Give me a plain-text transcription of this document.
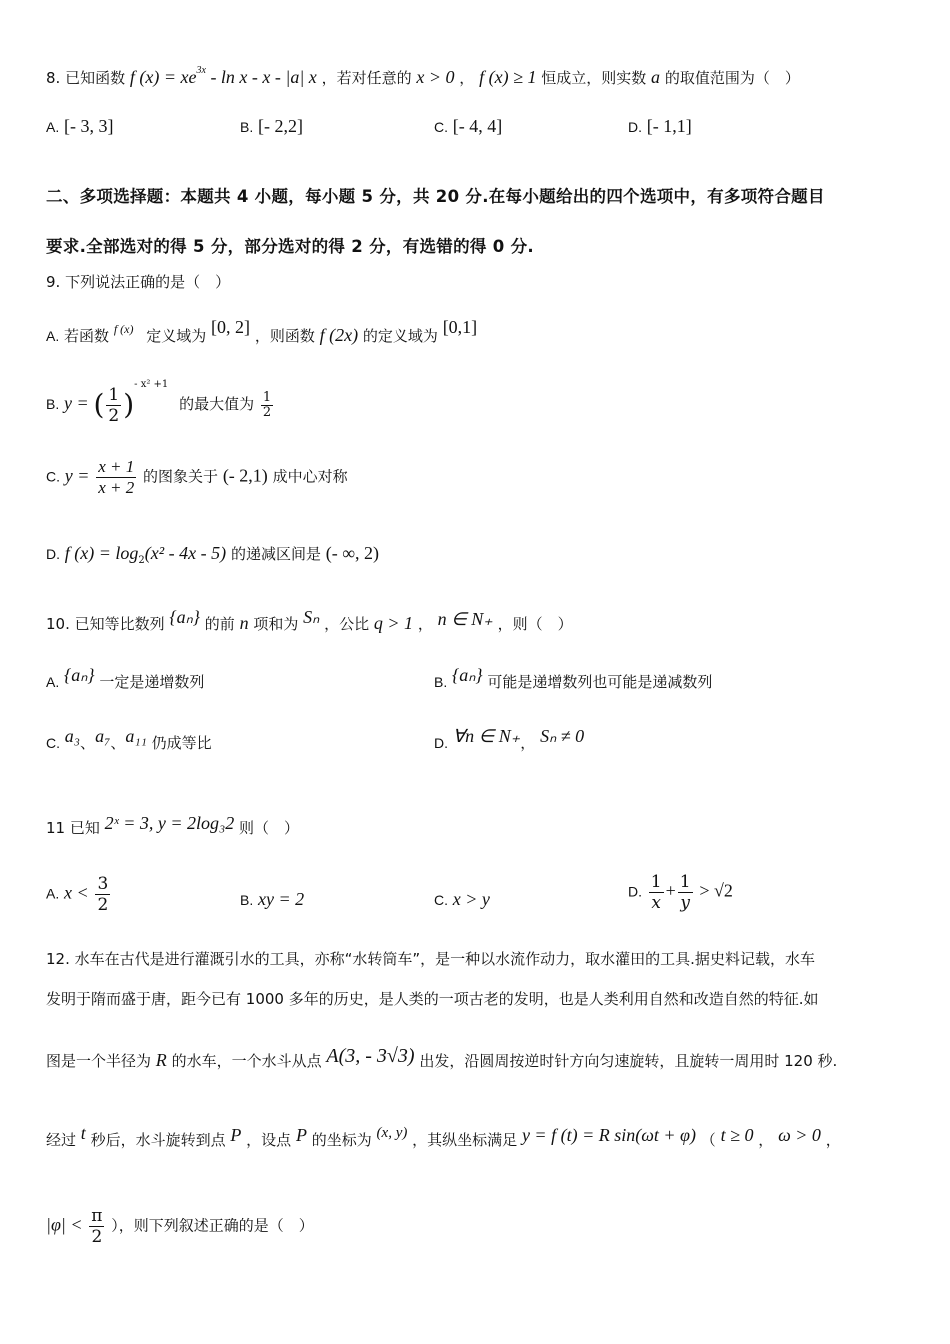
8. 已知函数 f $(x) = xe^{3x} - \ln x - x - |a|$ x ，若对任意的 x > 0 ， f (x) ≥ 1 恒成立，则实数 a 的取值范围为（　）
A. [- 3, 3]	B. [- 2,2]	C. [- 4, 4]	D. [- 1,1]
二、多项选择题：本题共 4 小题，每小题 5 分，共 20 分.在每小题给出的四个选项中，有多项符合题目
要求.全部选对的得 5 分，部分选对的得 2 分，有选错的得 0 分.
9. 下列说法正确的是（　）
A. 若函数 $^{f (x)}$ 定义域为 [0, 2] ，则函数 f (2x) 的定义域为 [0,1]
B. y = ( $\frac{1}{2} )^{- x^2 +1}$ 的最大值为 $\frac{1}{2}$
C. $y = \frac{x + 1}{x + 2}$ 的图象关于 (- 2,1) 成中心对称
D. f $(x) = \log_2(x^2 - 4x - 5)$ 的递减区间是 (- ∞, 2)
10. 已知等比数列 {aₙ} 的前 n 项和为 Sₙ ，公比 q > 1 ， n ∈ N₊ ，则（　）
A. {aₙ} 一定是递增数列	B. {aₙ} 可能是递增数列也可能是递减数列
C. a₃、a₇、a₁₁ 仍成等比	D. ∀n ∈ N₊， Sₙ ≠ 0
11 已知 2ˣ = 3, y = 2log₃2 则（　）
A. $x < \frac{3}{2}$	B. xy = 2	C. x > y	D. $\frac{1}{x} + \frac{1}{y} > √2$
12. 水车在古代是进行灌溉引水的工具，亦称“水转筒车”，是一种以水流作动力，取水灌田的工具.据史料记载，水车
发明于隋而盛于唐，距今已有 1000 多年的历史，是人类的一项古老的发明，也是人类利用自然和改造自然的特征.如
图是一个半径为 R 的水车，一个水斗从点 A(3, - 3√3) 出发，沿圆周按逆时针方向匀速旋转，且旋转一周用时 120 秒.
经过 t 秒后，水斗旋转到点 P ，设点 P 的坐标为 (x, y) ，其纵坐标满足 y = f (t) = R sin(ωt + φ) （ t ≥ 0 ， ω > 0 ，
$|\varphi| < \frac{\pi}{2}$ ），则下列叙述正确的是（　）
